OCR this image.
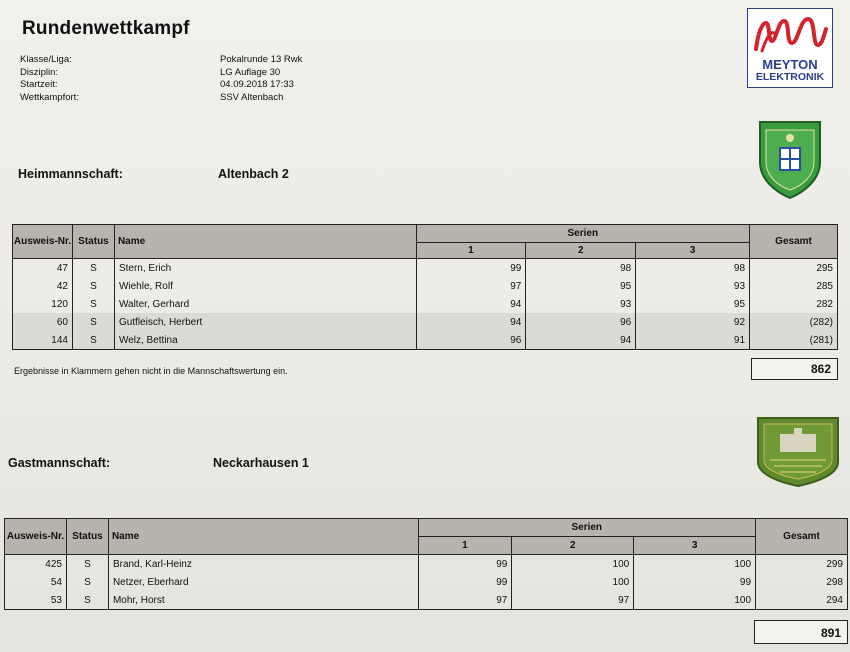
Rundenwettkampf
Klasse/Liga:	Pokalrunde 13 Rwk
Disziplin:	LG Auflage 30
Startzeit:	04.09.2018 17:33
Wettkampfort:	SSV Altenbach
MEYTON
ELEKTRONIK
Heimmannschaft:	Altenbach 2
Ausweis-Nr.	Status	Name	Serien			Gesamt
			1	2	3	
47	S	Stern, Erich	99	98	98	295
42	S	Wiehle, Rolf	97	95	93	285
120	S	Walter, Gerhard	94	93	95	282
60	S	Gutfleisch, Herbert	94	96	92	(282)
144	S	Welz, Bettina	96	94	91	(281)
Ergebnisse in Klammern gehen nicht in die Mannschaftswertung ein.	862
Gastmannschaft:	Neckarhausen 1
Ausweis-Nr.	Status	Name	Serien			Gesamt
			1	2	3	
425	S	Brand, Karl-Heinz	99	100	100	299
54	S	Netzer, Eberhard	99	100	99	298
53	S	Mohr, Horst	97	97	100	294
891
